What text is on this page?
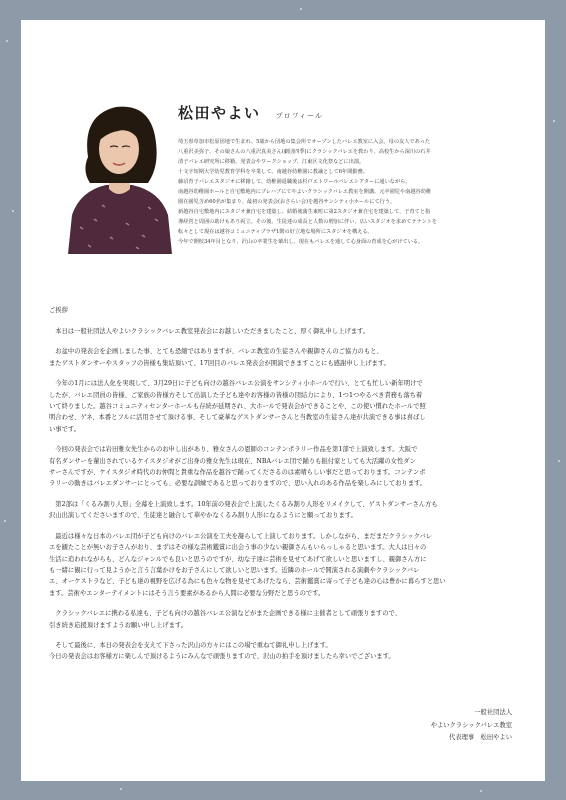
松田やよい プロフィール

埼玉県草加市松原団地で生まれ、5歳から団地の集会所でオープンしたバレエ教室に入会。母の友人であった

八重沢美弥子、その娘さんの八重沢真美さん(劇団四季)にクラシックバレエを教わり、高校生から深川の石井

清子バレエ研究所に移籍。発表会やワークショップ、江東区文化祭などに出演。

十文字短期大学幼児教育学科を卒業して、南越谷幼稚園に教諭として6年間勤務。

藤沼育子バレエスタジオに移籍して、幼稚園退職後は杉戸エトワールバレエシアターに通いながら、

南越谷幼稚園ホールと自宅敷地内にプレハブにてやよいクラシックバレエ教室を開講。元卒園児や南越谷幼稚

園在園児含め60名が集まり、最初の発表会(おさらい会)を越谷サンシティ小ホールにて行う。

新越谷自宅敷地内にスタジオ兼自宅を建築し、結婚後蒲生東町に第2スタジオ兼自宅を建築して、子育てと指

導経営と周囲の助けもあり両立。その後、生徒達の成長と人数の増加に伴い、広いスタジオを求めてテナントを

転々として現在は越谷コミュニティプラザ1階の好立地な場所にスタジオを構える。

今年で開校34年目となり、沢山の卒業生を輩出し、現在もバレエを通して心身面の育成を心がけている。

ご挨拶

　本日は一般社団法人やよいクラシックバレエ教室発表会にお越しいただきましたこと、厚く御礼申し上げます。

　お盆中の発表会を企画しました事、とても恐縮ではありますが、バレエ教室の生徒さんや親御さんのご協力のもと、

またゲストダンサーやスタッフの皆様も集結頂いて、17回目のバレエ発表会が開演できますことにも感謝申し上げます。

　今年の1月には法人化を実現して、3月29日に子ども向けの越谷バレエ公演をサンシティ小ホールで行い、とても忙しい新年明けで

したが、バレエ団員の皆様、ご家族の皆様方そして出演した子ども達やお客様の皆様の団結力により、1つ1つやるべき責務も落ち着

いて終りました。越谷コミュニティセンターホールも存続が延期され、大ホールで発表会ができることや、この使い慣れたホールで照

明合わせ、ゲネ、本番とフルに活用させて頂ける事、そして豪華なゲストダンサーさんと当教室の生徒さん達が共演できる事は喜ばし

い事です。

　今回の発表会では岩田雅女先生からのお申し出があり、雅女さんの恩師のコンテンポラリー作品を第1部で上演致します。大阪で

有名ダンサーを輩出されているケイスタジオがご出身の雅女先生は現在、NBAバレエ団で踊りも振付家としても大活躍の女性ダン

サーさんですが、ケイスタジオ時代のお仲間と貴重な作品を越谷で踊ってくださるのは素晴らしい事だと思っております。コンテンポ

ラリーの動きはバレエダンサーにとっても、必要な訓練であると思っておりますので、思い入れのある作品を楽しみにしております。

　第2部は「くるみ割り人形」全幕を上演致します。10年前の発表会で上演したくるみ割り人形をリメイクして、ゲストダンサーさん方も

沢山出演してくださいますので、生徒達と融合して華やかなくるみ割り人形になるようにと願っております。

　最近は様々な日本のバレエ団が子ども向けのバレエ公演を工夫を凝らして上演しております。しかしながら、まだまだクラシックバレ

エを観たことが無いお子さんがおり、まずはその様な芸術鑑賞に出会う事の少ない親御さんもいらっしゃると思います。大人は日々の

生活に追われながらも、どんなジャンルでも良いと思うのですが、幼な子達に芸術を見せてあげて欲しいと思いますし、親御さん方に

も一緒に観に行って見ようかと言う言葉かけをお子さんにして欲しいと思います。近隣のホールで開演される演劇やクラシックバレ

エ、オーケストラなど、子ども達の視野を広げる為にも色々な物を見せてあげたなら、芸術鑑賞に寄って子ども達の心は豊かに暮らすと思い

ます。芸術やエンターテイメントにはそう言う要素があるから人間に必要な分野だと思うのです。

　クラシックバレエに携わる私達も、子ども向けの越谷バレエ公演などがまた企画できる様に主催者として頑張りますので、

引き続き応援頂けますようお願い申し上げます。

　そして最後に、本日の発表会を支えて下さった沢山の方々にはこの場で重ねて御礼申し上げます。

今日の発表会はお客様方に楽しんで頂けるようにみんなで頑張りますので、沢山の拍手を頂けましたら幸いでございます。

一般社団法人

やよいクラシックバレエ教室

代表理事　松田やよい
